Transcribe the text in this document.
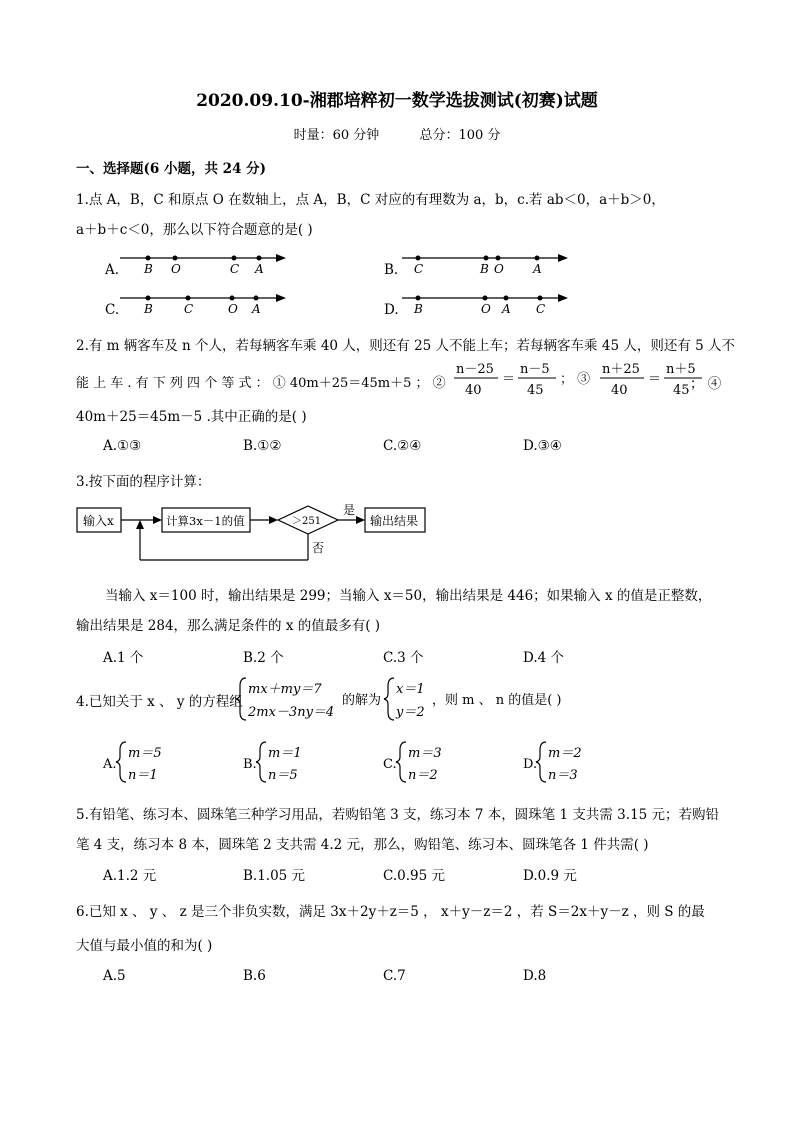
2020.09.10-湘郡培粹初一数学选拔测试(初赛)试题
时量：60 分钟	总分：100 分
一、选择题(6 小题，共 24 分)
1.点 A，B，C 和原点 O 在数轴上，点 A，B，C 对应的有理数为 a，b，c.若 ab＜0，a＋b＞0，
a＋b＋c＜0，那么以下符合题意的是( )
A. B O	C A	B. C	B O A
C. B	C	O A	D. B	O A C
2.有 m 辆客车及 n 个人，若每辆客车乘 40 人，则还有 25 人不能上车；若每辆客车乘 45 人，则还有 5 人不
能 上 车 . 有 下 列 四 个 等 式 ： ① 40m＋25＝45m＋5 ； ②
n－25
40
＝
n－5
45
； ③
n＋25
40
＝
n＋5
45 ； ④
40m＋25＝45m－5 .其中正确的是( )
A.①③	B.①②	C.②④	D.③④
3.按下面的程序计算：
输入x	计算3x－1的值	＞251
是
输出结果
否
当输入 x＝100 时，输出结果是 299；当输入 x＝50，输出结果是 446；如果输入 x 的值是正整数，
输出结果是 284，那么满足条件的 x 的值最多有( )
A.1 个	B.2 个	C.3 个	D.4 个
4.已知关于 x 、 y 的方程组
mx＋my＝7
2mx－3ny＝4
的解为
x＝1
y＝2
，则 m 、 n 的值是( )
A.
m＝5
n＝1
B.
m＝1
n＝5
C.
m＝3
n＝2
D.
m＝2
n＝3
5.有铅笔、练习本、圆珠笔三种学习用品，若购铅笔 3 支，练习本 7 本，圆珠笔 1 支共需 3.15 元；若购铅
笔 4 支，练习本 8 本，圆珠笔 2 支共需 4.2 元，那么，购铅笔、练习本、圆珠笔各 1 件共需( )
A.1.2 元	B.1.05 元	C.0.95 元	D.0.9 元
6.已知 x 、 y 、 z 是三个非负实数，满足 3x＋2y＋z＝5 ， x＋y－z＝2 ，若 S＝2x＋y－z ，则 S 的最
大值与最小值的和为( )
A.5	B.6	C.7	D.8
